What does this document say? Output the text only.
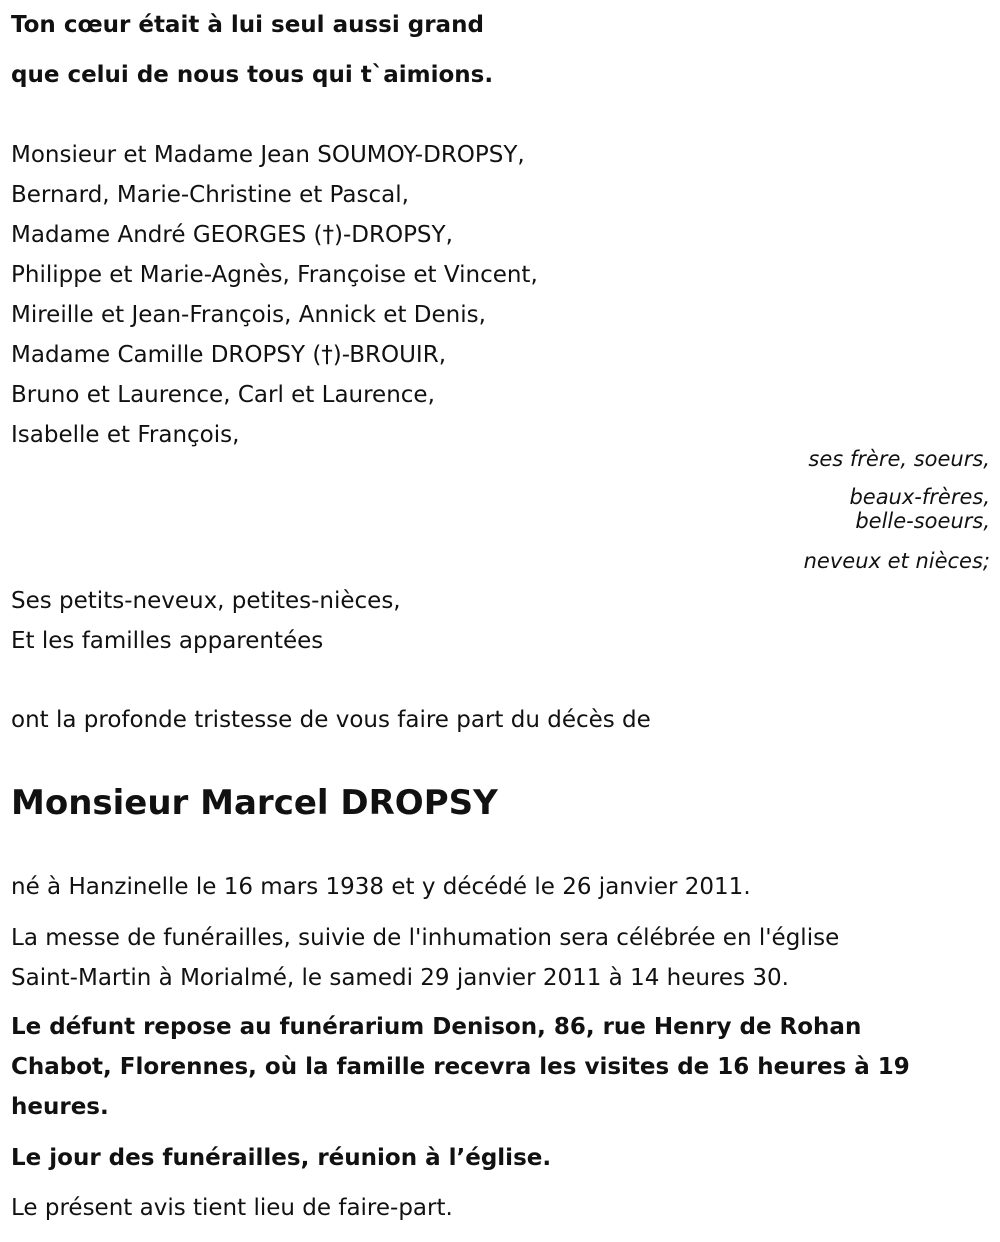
Ton cœur était à lui seul aussi grand
que celui de nous tous qui t`aimions.
Monsieur et Madame Jean SOUMOY-DROPSY,
Bernard, Marie-Christine et Pascal,
Madame André GEORGES (†)-DROPSY,
Philippe et Marie-Agnès, Françoise et Vincent,
Mireille et Jean-François, Annick et Denis,
Madame Camille DROPSY (†)-BROUIR,
Bruno et Laurence, Carl et Laurence,
Isabelle et François,
ses frère, soeurs,
beaux-frères,
belle-soeurs,
neveux et nièces;
Ses petits-neveux, petites-nièces,
Et les familles apparentées
ont la profonde tristesse de vous faire part du décès de
Monsieur Marcel DROPSY
né à Hanzinelle le 16 mars 1938 et y décédé le 26 janvier 2011.
La messe de funérailles, suivie de l'inhumation sera célébrée en l'église
Saint-Martin à Morialmé, le samedi 29 janvier 2011 à 14 heures 30.
Le défunt repose au funérarium Denison, 86, rue Henry de Rohan
Chabot, Florennes, où la famille recevra les visites de 16 heures à 19
heures.
Le jour des funérailles, réunion à l’église.
Le présent avis tient lieu de faire-part.
